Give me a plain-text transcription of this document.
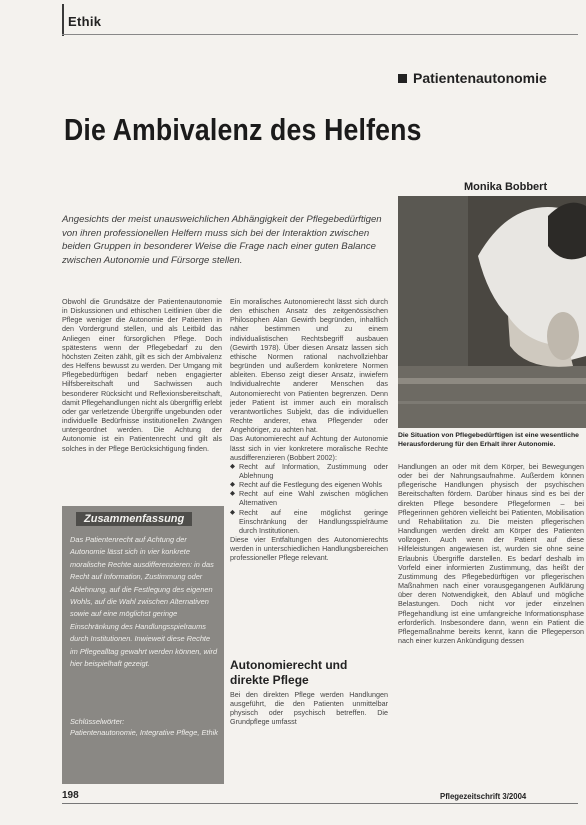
Ethik
Patientenautonomie
Die Ambivalenz des Helfens
Monika Bobbert
Angesichts der meist unausweichlichen Abhängigkeit der Pflegebedürftigen von ihren professionellen Helfern muss sich bei der Interaktion zwischen beiden Gruppen in besonderer Weise die Frage nach einer guten Balance zwischen Autonomie und Fürsorge stellen.
Die Situation von Pflegebedürftigen ist eine wesentliche Herausforderung für den Erhalt ihrer Autonomie.

Obwohl die Grundsätze der Patientenautonomie in Diskussionen und ethischen Leitlinien über die Pflege weniger die Autonomie der Patienten in den Vordergrund stellen, und als Leitbild das Anliegen einer fürsorglichen Pflege. Doch spätestens wenn der Pflegebedarf zu den höchsten Zeiten zählt, gilt es sich der Ambivalenz des Helfens bewusst zu werden. Der Umgang mit Pflegebedürftigen bedarf neben engagierter Hilfsbereitschaft und Sachwissen auch besonderer Rücksicht und Reflexionsbereitschaft, damit Pflegehandlungen nicht als übergriffig erlebt oder gar verletzende Übergriffe ungebunden oder individuelle Bedürfnisse institutionellen Zwängen untergeordnet werden. Die Achtung der Autonomie ist ein Patientenrecht und gilt als solches in der Pflege Berücksichtigung finden.

Zusammenfassung
Das Patientenrecht auf Achtung der Autonomie lässt sich in vier konkrete moralische Rechte ausdifferenzieren: in das Recht auf Information, Zustimmung oder Ablehnung, auf die Festlegung des eigenen Wohls, auf die Wahl zwischen Alternativen sowie auf eine möglichst geringe Einschränkung des Handlungsspielraums durch Institutionen. Inwieweit diese Rechte im Pflegealltag gewahrt werden können, wird hier beispielhaft gezeigt.
Schlüsselwörter:
Patientenautonomie, Integrative Pflege, Ethik

Ein moralisches Autonomierecht lässt sich durch den ethischen Ansatz des zeitgenössischen Philosophen Alan Gewirth begründen, inhaltlich näher bestimmen und zu einem individualistischen Rechtsbegriff ausbauen (Gewirth 1978). Über diesen Ansatz lassen sich ethische Normen rational nachvollziehbar begründen und außerdem konkretere Normen ableiten. Ebenso zeigt dieser Ansatz, inwiefern Individualrechte anderer Menschen das Autonomierecht von Patienten begrenzen. Denn jeder Patient ist immer auch ein moralisch verantwortliches Subjekt, das die individuellen Rechte anderer, etwa Pflegender oder Angehöriger, zu achten hat.

Das Autonomierecht auf Achtung der Autonomie lässt sich in vier konkretere moralische Rechte ausdifferenzieren (Bobbert 2002):

◆ Recht auf Information, Zustimmung oder Ablehnung
◆ Recht auf die Festlegung des eigenen Wohls
◆ Recht auf eine Wahl zwischen möglichen Alternativen
◆ Recht auf eine möglichst geringe Einschränkung der Handlungsspielräume durch Institutionen.

Diese vier Entfaltungen des Autonomierechts werden in unterschiedlichen Handlungsbereichen professioneller Pflege relevant.

Autonomierecht und direkte Pflege

Bei den direkten Pflege werden Handlungen ausgeführt, die den Patienten unmittelbar physisch oder psychisch betreffen. Die Grundpflege umfasst

Handlungen an oder mit dem Körper, bei Bewegungen oder bei der Nahrungsaufnahme. Außerdem können pflegerische Handlungen physisch der psychischen Bereitschaften fördern. Darüber hinaus sind es bei der direkten Pflege besondere Pflegeformen – bei Pflegerinnen gehören vielleicht bei Patienten, Mobilisation und Rehabilitation zu. Die meisten pflegerischen Handlungen werden direkt am Körper des Patienten vollzogen. Auch wenn der Patient auf diese Hilfeleistungen angewiesen ist, wurden sie ohne seine Erlaubnis Übergriffe darstellen. Es bedarf deshalb im Vorfeld einer informierten Zustimmung, das heißt der Zustimmung des Pflegebedürftigen vor pflegerischen Maßnahmen nach einer vorausgegangenen Aufklärung über deren Notwendigkeit, den Ablauf und mögliche Belastungen. Doch nicht vor jeder einzelnen Pflegehandlung ist eine umfangreiche Informationsphase erforderlich. Insbesondere dann, wenn ein Patient die Pflegemaßnahme bereits kennt, kann die Pflegeperson nach einer kurzen Ankündigung dessen

198	Pflegezeitschrift 3/2004
